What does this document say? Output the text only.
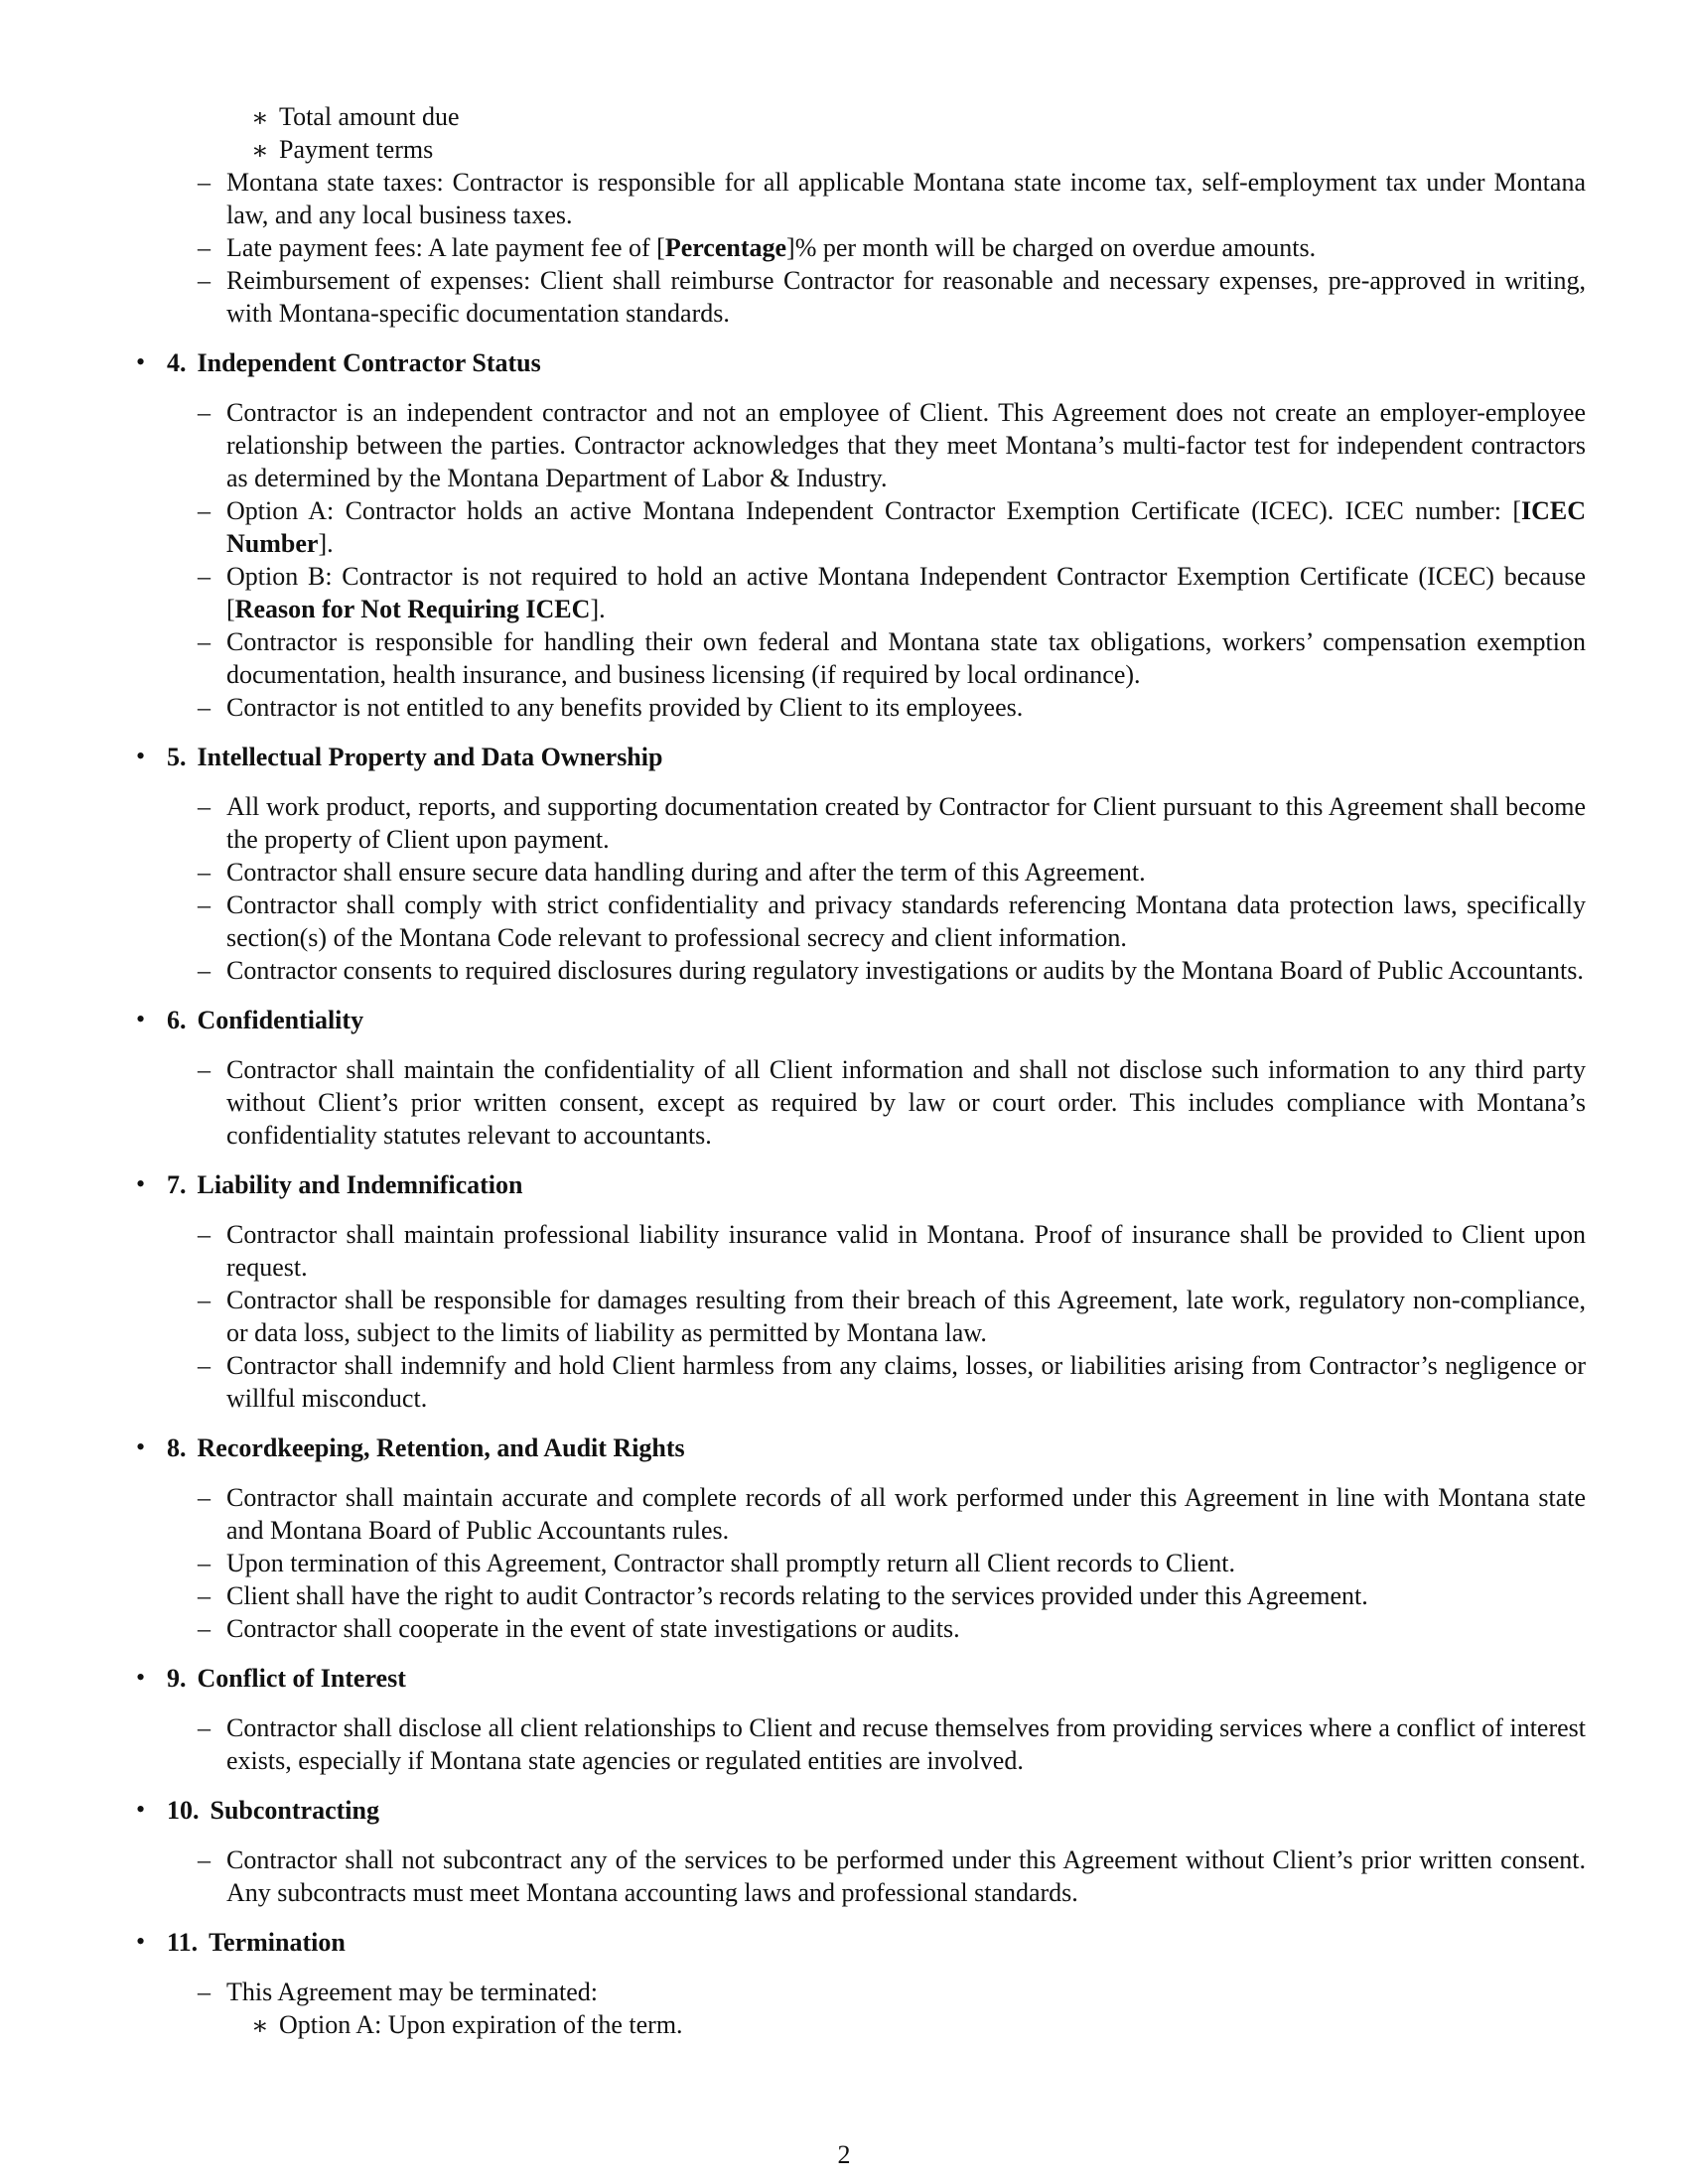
∗ Total amount due
∗ Payment terms
– Montana state taxes: Contractor is responsible for all applicable Montana state income tax, self-employment tax under Montana law, and any local business taxes.
– Late payment fees: A late payment fee of [Percentage]% per month will be charged on overdue amounts.
– Reimbursement of expenses: Client shall reimburse Contractor for reasonable and necessary expenses, pre-approved in writing, with Montana-specific documentation standards.
• 4. Independent Contractor Status
– Contractor is an independent contractor and not an employee of Client. This Agreement does not create an employer-employee relationship between the parties. Contractor acknowledges that they meet Montana’s multi-factor test for independent contractors as determined by the Montana Department of Labor & Industry.
– Option A: Contractor holds an active Montana Independent Contractor Exemption Certificate (ICEC). ICEC number: [ICEC Number].
– Option B: Contractor is not required to hold an active Montana Independent Contractor Exemption Certificate (ICEC) because [Reason for Not Requiring ICEC].
– Contractor is responsible for handling their own federal and Montana state tax obligations, workers’ compensation exemption documentation, health insurance, and business licensing (if required by local ordinance).
– Contractor is not entitled to any benefits provided by Client to its employees.
• 5. Intellectual Property and Data Ownership
– All work product, reports, and supporting documentation created by Contractor for Client pursuant to this Agreement shall become the property of Client upon payment.
– Contractor shall ensure secure data handling during and after the term of this Agreement.
– Contractor shall comply with strict confidentiality and privacy standards referencing Montana data protection laws, specifically section(s) of the Montana Code relevant to professional secrecy and client information.
– Contractor consents to required disclosures during regulatory investigations or audits by the Montana Board of Public Accountants.
• 6. Confidentiality
– Contractor shall maintain the confidentiality of all Client information and shall not disclose such information to any third party without Client’s prior written consent, except as required by law or court order. This includes compliance with Montana’s confidentiality statutes relevant to accountants.
• 7. Liability and Indemnification
– Contractor shall maintain professional liability insurance valid in Montana. Proof of insurance shall be provided to Client upon request.
– Contractor shall be responsible for damages resulting from their breach of this Agreement, late work, regulatory non-compliance, or data loss, subject to the limits of liability as permitted by Montana law.
– Contractor shall indemnify and hold Client harmless from any claims, losses, or liabilities arising from Contractor’s negligence or willful misconduct.
• 8. Recordkeeping, Retention, and Audit Rights
– Contractor shall maintain accurate and complete records of all work performed under this Agreement in line with Montana state and Montana Board of Public Accountants rules.
– Upon termination of this Agreement, Contractor shall promptly return all Client records to Client.
– Client shall have the right to audit Contractor’s records relating to the services provided under this Agreement.
– Contractor shall cooperate in the event of state investigations or audits.
• 9. Conflict of Interest
– Contractor shall disclose all client relationships to Client and recuse themselves from providing services where a conflict of interest exists, especially if Montana state agencies or regulated entities are involved.
• 10. Subcontracting
– Contractor shall not subcontract any of the services to be performed under this Agreement without Client’s prior written consent. Any subcontracts must meet Montana accounting laws and professional standards.
• 11. Termination
– This Agreement may be terminated:
∗ Option A: Upon expiration of the term.
2
